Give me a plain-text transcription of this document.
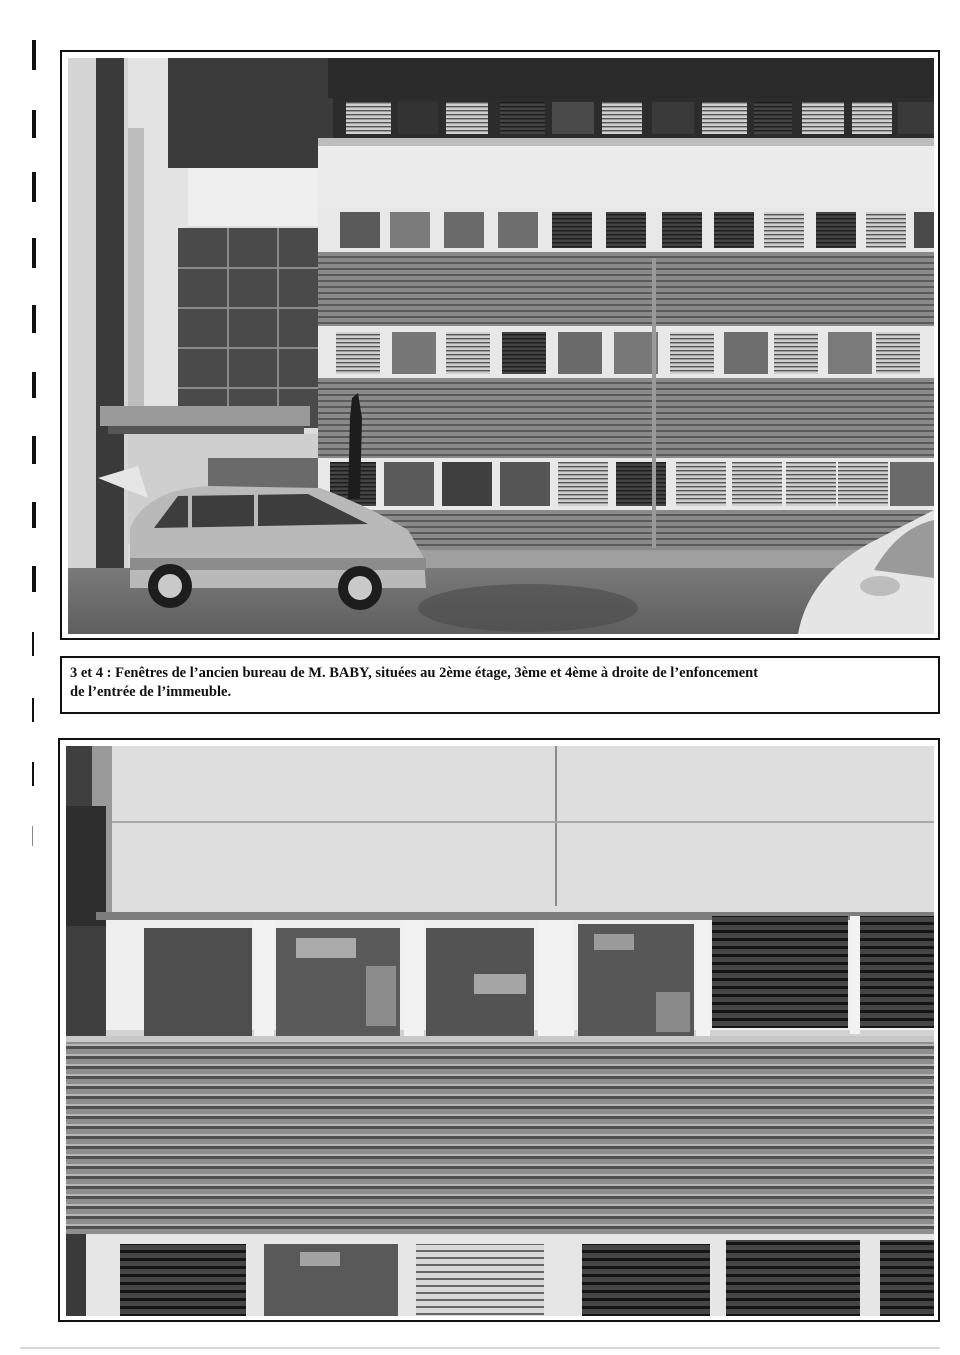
3 et 4 : Fenêtres de l’ancien bureau de M. BABY, situées au 2ème étage, 3ème et 4ème à droite de l’enfoncement
de l’entrée de l’immeuble.
